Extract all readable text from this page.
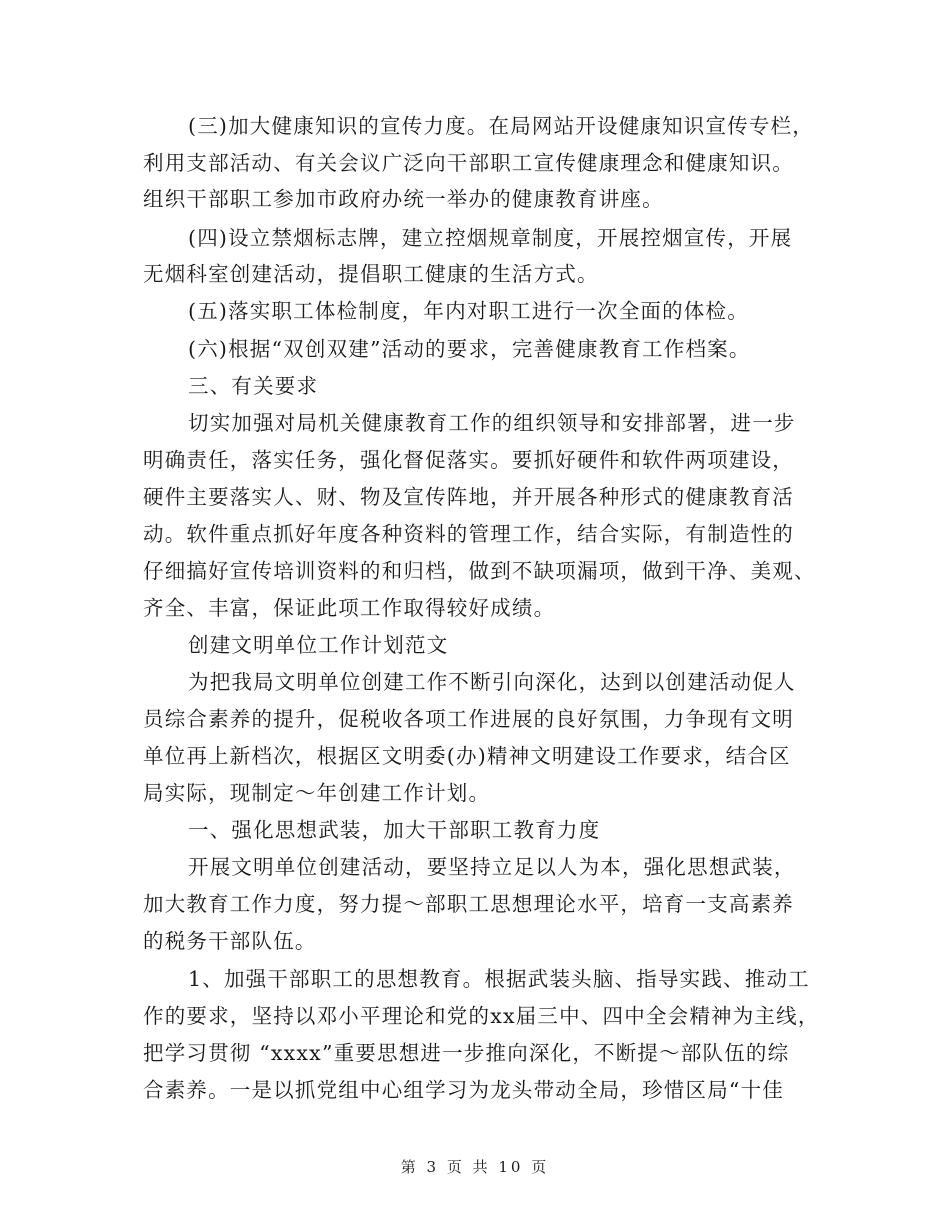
(三)加大健康知识的宣传力度。在局网站开设健康知识宣传专栏，
利用支部活动、有关会议广泛向干部职工宣传健康理念和健康知识。
组织干部职工参加市政府办统一举办的健康教育讲座。
(四)设立禁烟标志牌，建立控烟规章制度，开展控烟宣传，开展
无烟科室创建活动，提倡职工健康的生活方式。
(五)落实职工体检制度，年内对职工进行一次全面的体检。
(六)根据“双创双建”活动的要求，完善健康教育工作档案。
三、有关要求
切实加强对局机关健康教育工作的组织领导和安排部署，进一步
明确责任，落实任务，强化督促落实。要抓好硬件和软件两项建设，
硬件主要落实人、财、物及宣传阵地，并开展各种形式的健康教育活
动。软件重点抓好年度各种资料的管理工作，结合实际，有制造性的
仔细搞好宣传培训资料的和归档，做到不缺项漏项，做到干净、美观、
齐全、丰富，保证此项工作取得较好成绩。
创建文明单位工作计划范文
为把我局文明单位创建工作不断引向深化，达到以创建活动促人
员综合素养的提升，促税收各项工作进展的良好氛围，力争现有文明
单位再上新档次，根据区文明委(办)精神文明建设工作要求，结合区
局实际，现制定～年创建工作计划。
一、强化思想武装，加大干部职工教育力度
开展文明单位创建活动，要坚持立足以人为本，强化思想武装，
加大教育工作力度，努力提～部职工思想理论水平，培育一支高素养
的税务干部队伍。
1、加强干部职工的思想教育。根据武装头脑、指导实践、推动工
作的要求，坚持以邓小平理论和党的xx届三中、四中全会精神为主线，
把学习贯彻 “xxxx”重要思想进一步推向深化，不断提～部队伍的综
合素养。一是以抓党组中心组学习为龙头带动全局，珍惜区局“十佳
第 3 页 共 10 页
